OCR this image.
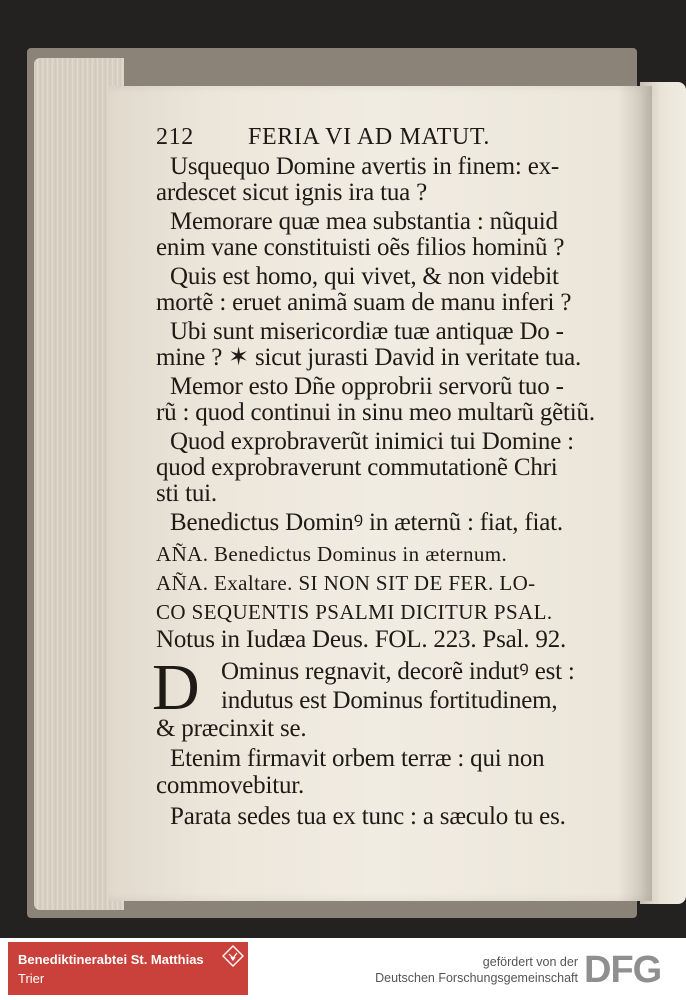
212 FERIA VI AD MATUT.
Usquequo Domine avertis in finem: ex-
ardescet sicut ignis ira tua ?
Memorare quæ mea substantia : nũquid
enim vane constituisti oẽs filios hominũ ?
Quis est homo, qui vivet, & non videbit
mortẽ : eruet animã suam de manu inferi ?
Ubi sunt misericordiæ tuæ antiquæ Do -
mine ? ✶ sicut jurasti David in veritate tua.
Memor esto Dñe opprobrii servorũ tuo -
rũ : quod continui in sinu meo multarũ gẽtiũ.
Quod exprobraverũt inimici tui Domine :
quod exprobraverunt commutationẽ Chri
sti tui.
Benedictus Dominꝰ in æternũ : fiat, fiat.
AÑA. Benedictus Dominus in æternum.
AÑA. Exaltare. SI NON SIT DE FER. LO-
CO SEQUENTIS PSALMI DICITUR PSAL.
Notus in Iudæa Deus. FOL. 223. Psal. 92.
D Ominus regnavit, decorẽ indutꝰ est :
indutus est Dominus fortitudinem,
& præcinxit se.
Etenim firmavit orbem terræ : qui non
commovebitur.
Parata sedes tua ex tunc : a sæculo tu es.
Benediktinerabtei St. Matthias
Trier
gefördert von der
Deutschen Forschungsgemeinschaft DFG
